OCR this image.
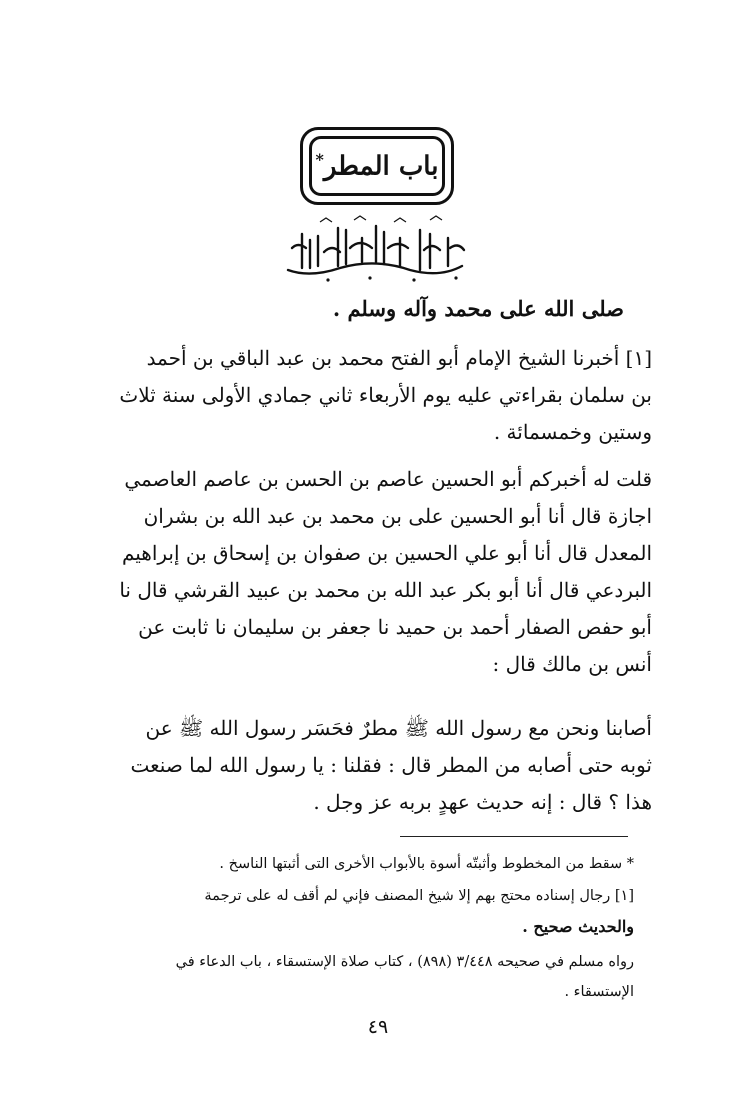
باب المطر*
صلى الله على محمد وآله وسلم .

[١] أخبرنا الشيخ الإمام أبو الفتح محمد بن عبد الباقي بن أحمد

بن سلمان بقراءتي عليه يوم الأربعاء ثاني جمادي الأولى سنة ثلاث

وستين وخمسمائة .

قلت له أخبركم أبو الحسين عاصم بن الحسن بن عاصم العاصمي

اجازة قال أنا أبو الحسين على بن محمد بن عبد الله بن بشران

المعدل قال أنا أبو علي الحسين بن صفوان بن إسحاق بن إبراهيم

البردعي قال أنا أبو بكر عبد الله بن محمد بن عبيد القرشي قال نا

أبو حفص الصفار أحمد بن حميد نا جعفر بن سليمان نا ثابت عن

أنس بن مالك قال :

أصابنا ونحن مع رسول الله ﷺ مطرٌ فحَسَر رسول الله ﷺ عن

ثوبه حتى أصابه من المطر قال : فقلنا : يا رسول الله لما صنعت

هذا ؟ قال : إنه حديث عهدٍ بربه عز وجل .

* سقط من المخطوط وأثبتّه أسوة بالأبواب الأخرى التى أثبتها الناسخ .
[١] رجال إسناده محتج بهم إلا شيخ المصنف فإني لم أقف له على ترجمة
والحديث صحيح .
رواه مسلم في صحيحه ٣/٤٤٨ (٨٩٨) ، كتاب صلاة الإستسقاء ، باب الدعاء في
الإستسقاء .
٤٩
